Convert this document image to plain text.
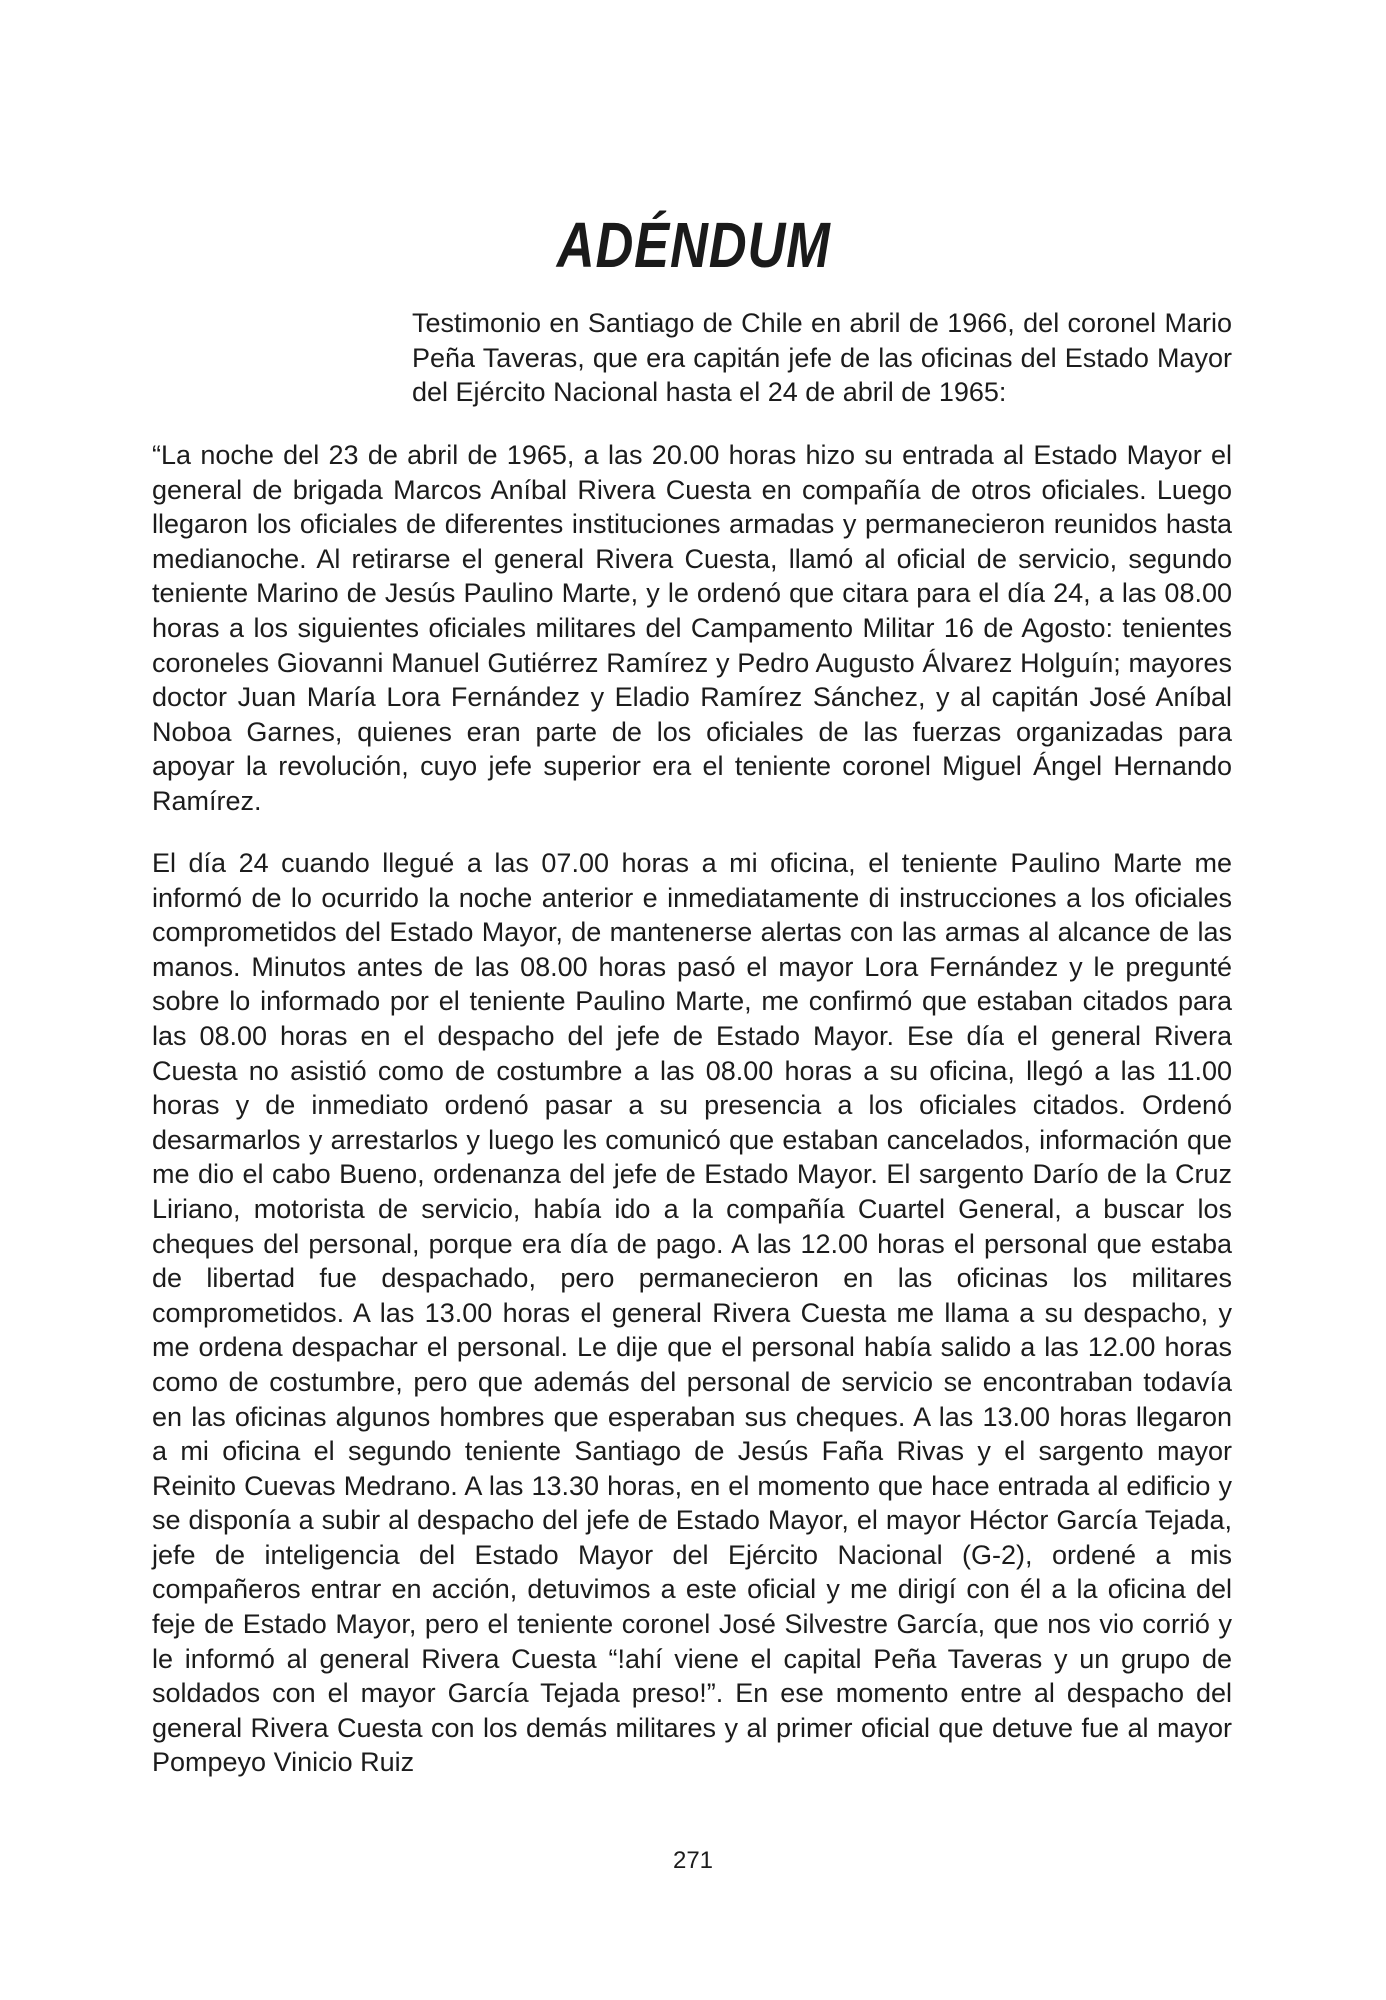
ADÉNDUM

Testimonio en Santiago de Chile en abril de 1966, del coronel Mario Peña Taveras, que era capitán jefe de las oficinas del Estado Mayor del Ejército Nacional hasta el 24 de abril de 1965:

“La noche del 23 de abril de 1965, a las 20.00 horas hizo su entrada al Estado Mayor el general de brigada Marcos Aníbal Rivera Cuesta en compañía de otros oficiales. Luego llegaron los oficiales de diferentes instituciones armadas y permanecieron reunidos hasta medianoche. Al retirarse el general Rivera Cuesta, llamó al oficial de servicio, segundo teniente Marino de Jesús Paulino Marte, y le ordenó que citara para el día 24, a las 08.00 horas a los siguientes oficiales militares del Campamento Militar 16 de Agosto: tenientes coroneles Giovanni Manuel Gutiérrez Ramírez y Pedro Augusto Álvarez Holguín; mayores doctor Juan María Lora Fernández y Eladio Ramírez Sánchez, y al capitán José Aníbal Noboa Garnes, quienes eran parte de los oficiales de las fuerzas organizadas para apoyar la revolución, cuyo jefe superior era el teniente coronel Miguel Ángel Hernando Ramírez.

El día 24 cuando llegué a las 07.00 horas a mi oficina, el teniente Paulino Marte me informó de lo ocurrido la noche anterior e inmediatamente di instrucciones a los oficiales comprometidos del Estado Mayor, de mantenerse alertas con las armas al alcance de las manos. Minutos antes de las 08.00 horas pasó el mayor Lora Fernández y le pregunté sobre lo informado por el teniente Paulino Marte, me confirmó que estaban citados para las 08.00 horas en el despacho del jefe de Estado Mayor. Ese día el general Rivera Cuesta no asistió como de costumbre a las 08.00 horas a su oficina, llegó a las 11.00 horas y de inmediato ordenó pasar a su presencia a los oficiales citados. Ordenó desarmarlos y arrestarlos y luego les comunicó que estaban cancelados, información que me dio el cabo Bueno, ordenanza del jefe de Estado Mayor. El sargento Darío de la Cruz Liriano, motorista de servicio, había ido a la compañía Cuartel General, a buscar los cheques del personal, porque era día de pago. A las 12.00 horas el personal que estaba de libertad fue despachado, pero permanecieron en las oficinas los militares comprometidos. A las 13.00 horas el general Rivera Cuesta me llama a su despacho, y me ordena despachar el personal. Le dije que el personal había salido a las 12.00 horas como de costumbre, pero que además del personal de servicio se encontraban todavía en las oficinas algunos hombres que esperaban sus cheques. A las 13.00 horas llegaron a mi oficina el segundo teniente Santiago de Jesús Faña Rivas y el sargento mayor Reinito Cuevas Medrano. A las 13.30 horas, en el momento que hace entrada al edificio y se disponía a subir al despacho del jefe de Estado Mayor, el mayor Héctor García Tejada, jefe de inteligencia del Estado Mayor del Ejército Nacional (G-2), ordené a mis compañeros entrar en acción, detuvimos a este oficial y me dirigí con él a la oficina del feje de Estado Mayor, pero el teniente coronel José Silvestre García, que nos vio corrió y le informó al general Rivera Cuesta “!ahí viene el capital Peña Taveras y un grupo de soldados con el mayor García Tejada preso!”. En ese momento entre al despacho del general Rivera Cuesta con los demás militares y al primer oficial que detuve fue al mayor Pompeyo Vinicio Ruiz

271
